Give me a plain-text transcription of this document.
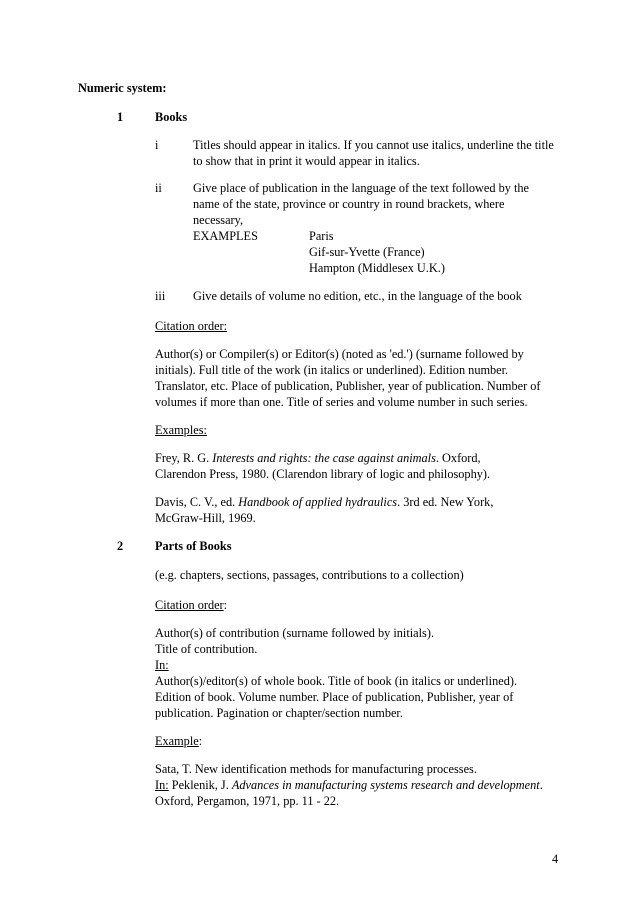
Numeric system:
1	Books
i	Titles should appear in italics. If you cannot use italics, underline the title
to show that in print it would appear in italics.
ii	Give place of publication in the language of the text followed by the
name of the state, province or country in round brackets, where
necessary,
EXAMPLES	Paris
Gif-sur-Yvette (France)
Hampton (Middlesex U.K.)
iii Give details of volume no edition, etc., in the language of the book
Citation order:
Author(s) or Compiler(s) or Editor(s) (noted as 'ed.') (surname followed by
initials). Full title of the work (in italics or underlined). Edition number.
Translator, etc. Place of publication, Publisher, year of publication. Number of
volumes if more than one. Title of series and volume number in such series.
Examples:
Frey, R. G. Interests and rights: the case against animals. Oxford,
Clarendon Press, 1980. (Clarendon library of logic and philosophy).
Davis, C. V., ed. Handbook of applied hydraulics. 3rd ed. New York,
McGraw-Hill, 1969.
2	Parts of Books
(e.g. chapters, sections, passages, contributions to a collection)
Citation order:
Author(s) of contribution (surname followed by initials).
Title of contribution.
In:
Author(s)/editor(s) of whole book. Title of book (in italics or underlined).
Edition of book. Volume number. Place of publication, Publisher, year of
publication. Pagination or chapter/section number.
Example:
Sata, T. New identification methods for manufacturing processes.
In: Peklenik, J. Advances in manufacturing systems research and development.
Oxford, Pergamon, 1971, pp. 11 - 22.
4
